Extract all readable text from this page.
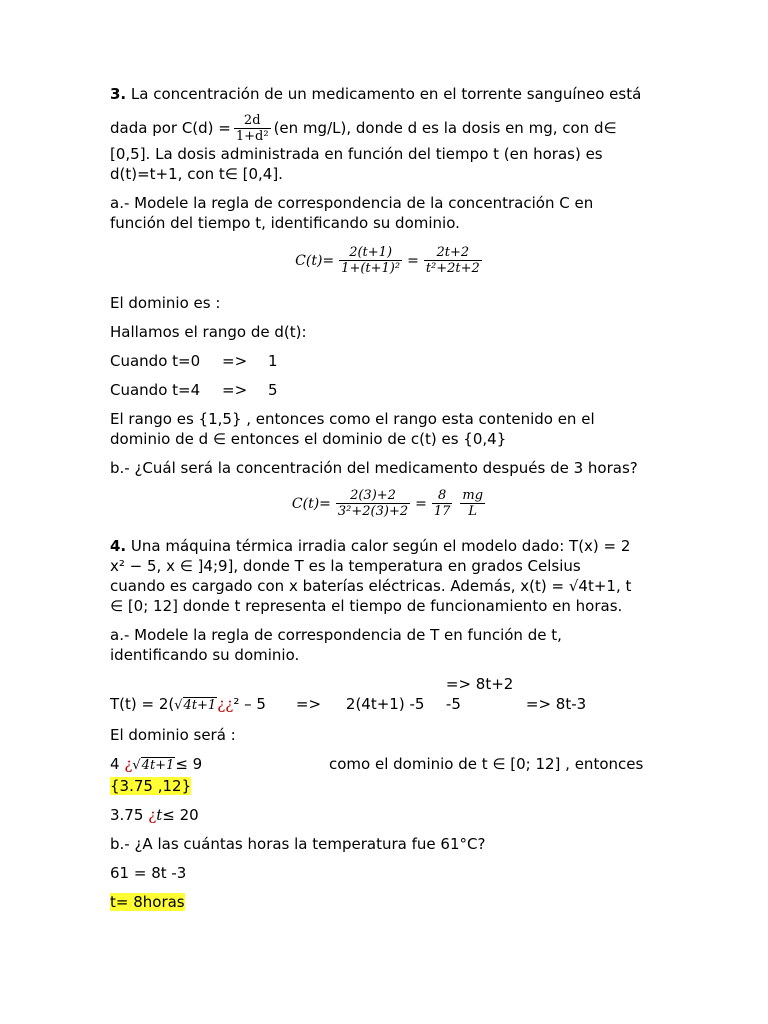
3. La concentración de un medicamento en el torrente sanguíneo está

dada por $C(d) = \frac{2d}{\text{1+d²}} (en$ mg/L), donde d es la dosis en mg, con d∈

[0,5]. La dosis administrada en función del tiempo t (en horas) es

d(t)=t+1, con t∈ [0,4].

a.- Modele la regla de correspondencia de la concentración C en

función del tiempo t, identificando su dominio.

$C(t)= \frac{2(t+1)}{\text{1+(t+1)²}} = \frac{2t+2}{\text{t²+2t+2}}$

El dominio es :

Hallamos el rango de d(t):

Cuando t=0 => 1

Cuando t=4 => 5

El rango es {1,5} , entonces como el rango esta contenido en el

dominio de d ∈ entonces el dominio de c(t) es {0,4}

b.- ¿Cuál será la concentración del medicamento después de 3 horas?

$C(t)= \frac{2(3)+2}{\text{3²+2(3)+2}} = \frac{8}{17} \frac{mg}{L}$

4. Una máquina térmica irradia calor según el modelo dado: T(x) = 2

x² − 5, x ∈ ]4;9], donde T es la temperatura en grados Celsius

cuando es cargado con x baterías eléctricas. Además, x(t) = √4t+1, t

∈ [0; 12] donde t representa el tiempo de funcionamiento en horas.

a.- Modele la regla de correspondencia de T en función de t,

identificando su dominio.

T(t) = 2(√4t+1¿¿² – 5 => 2(4t+1) -5=> 8t+2 -5	=> 8t-3

El dominio será :

4 ¿√4t+1≤ 9	como el dominio de t ∈ [0; 12] , entonces

{3.75 ,12}

3.75 ¿t≤ 20

b.- ¿A las cuántas horas la temperatura fue 61°C?

61 = 8t -3

t= 8horas
